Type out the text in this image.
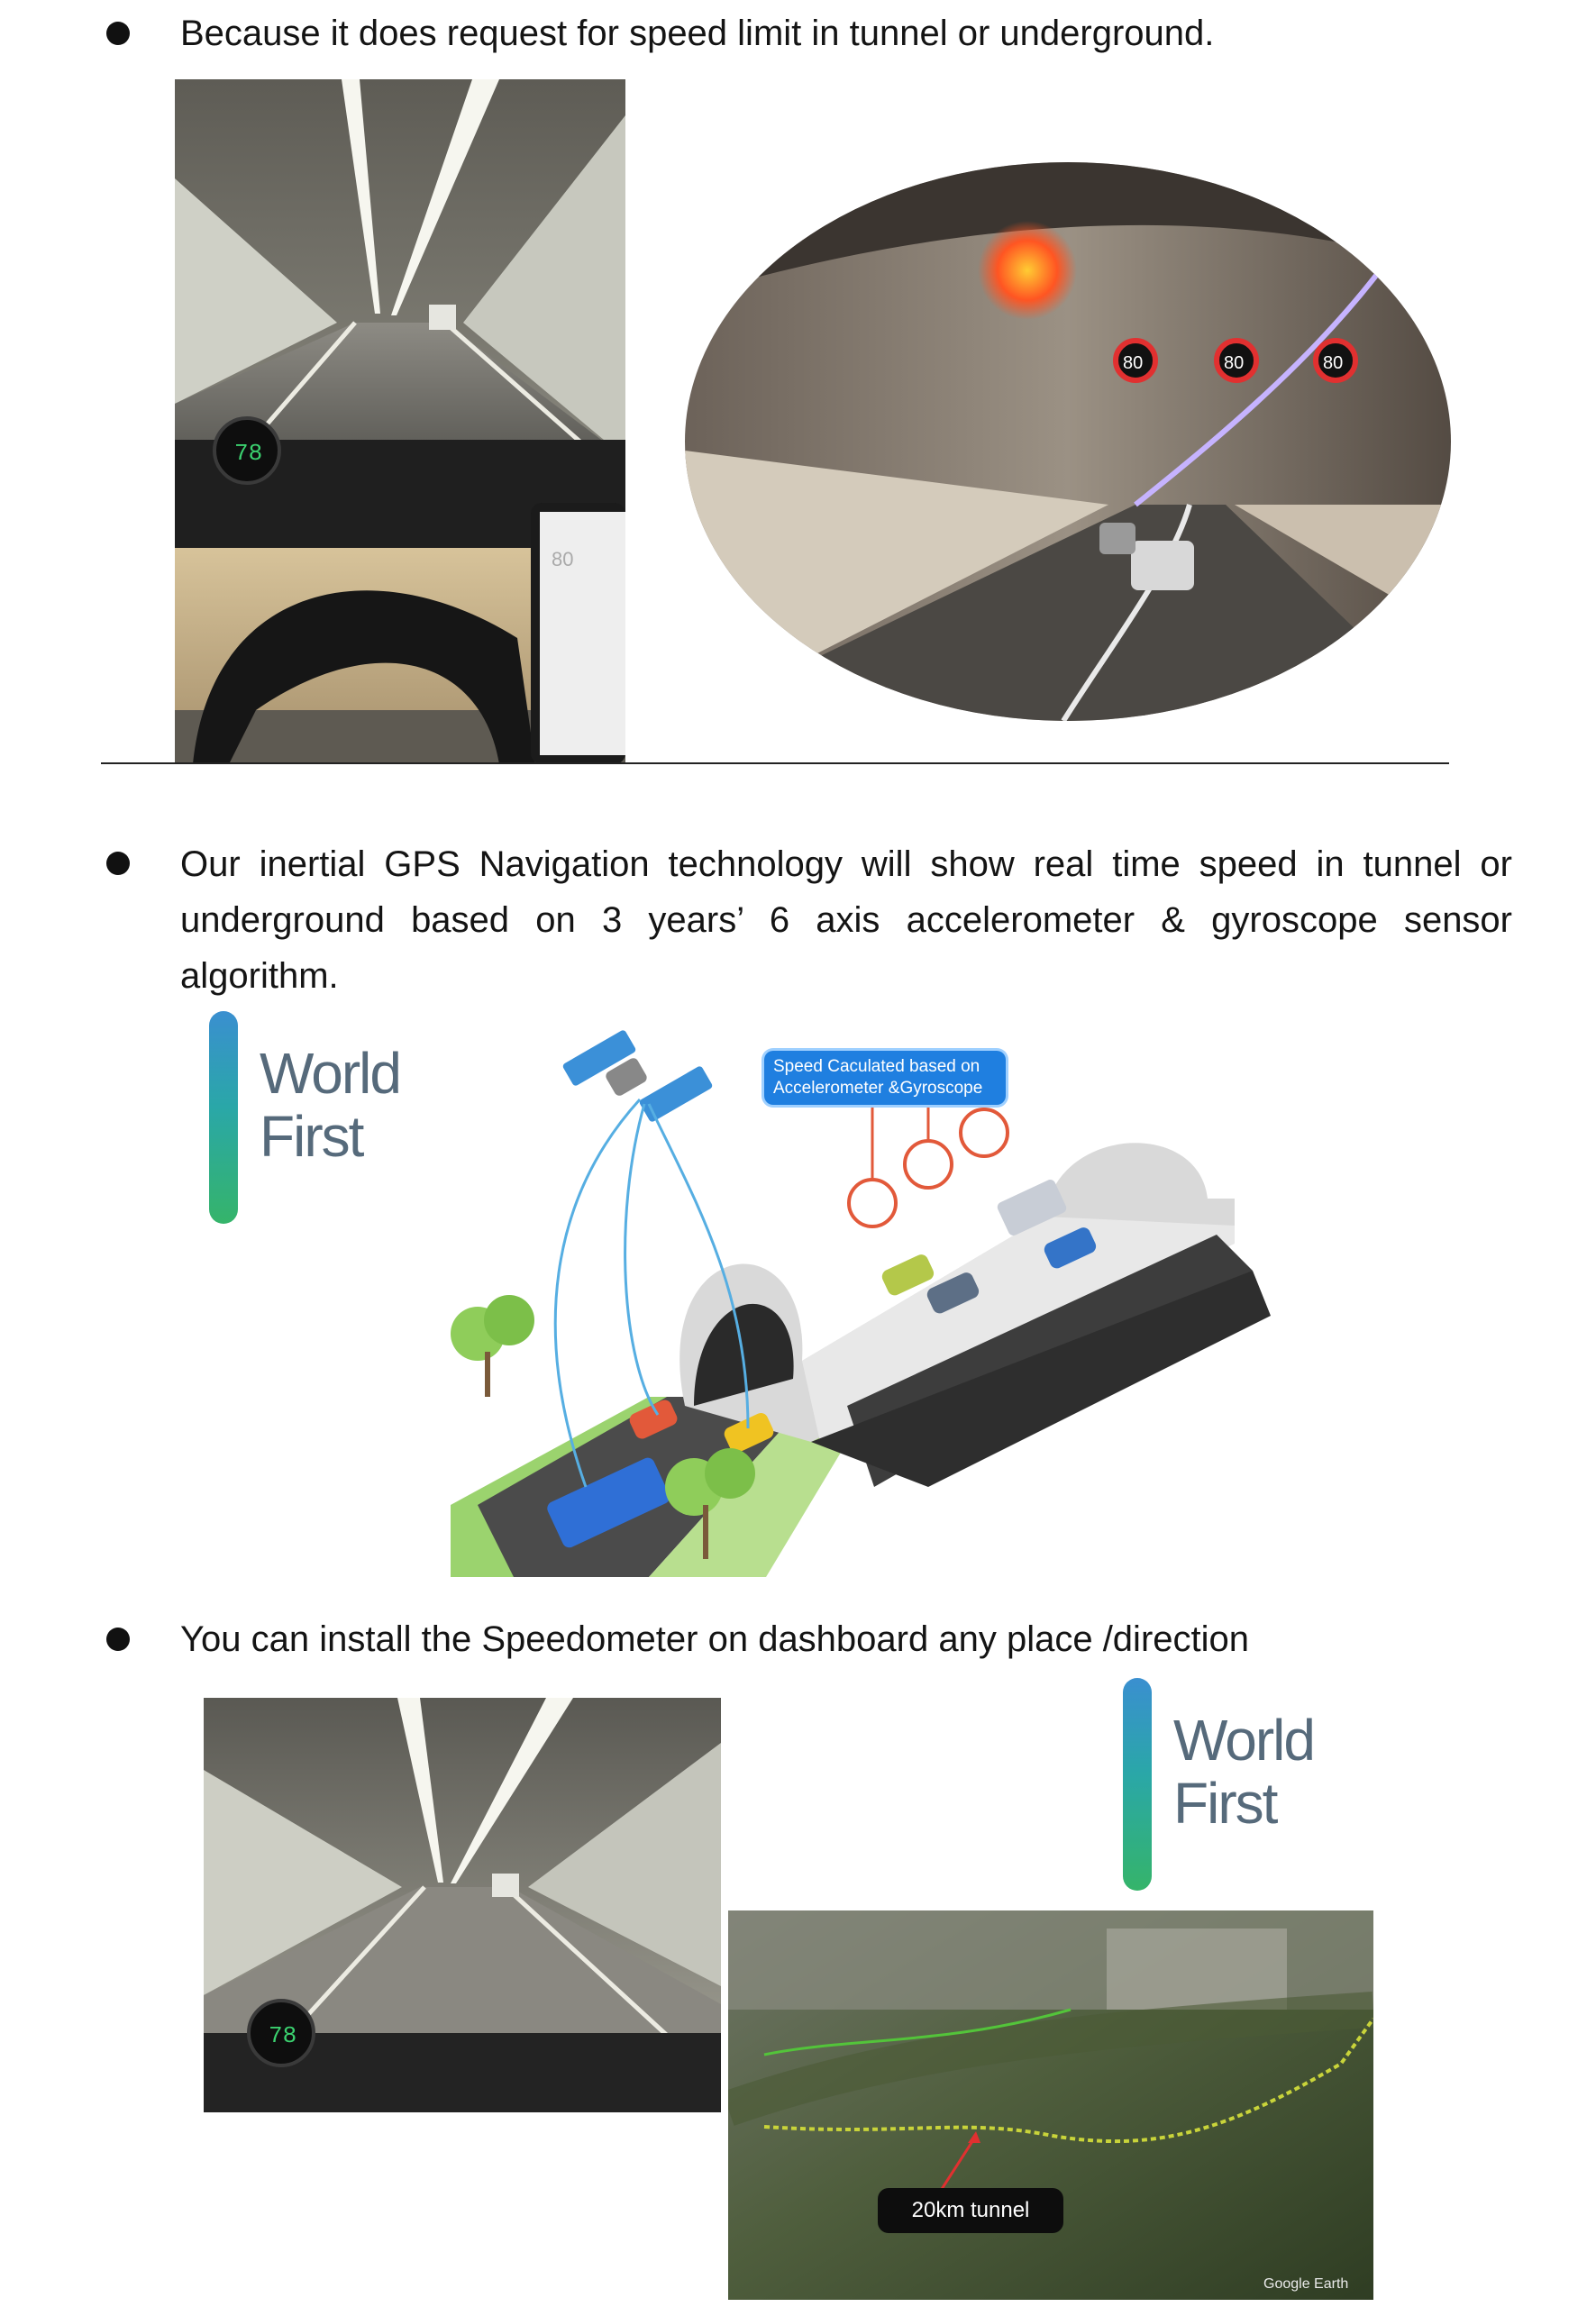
Because it does request for speed limit in tunnel or underground.
80
78
80	80	80
Our inertial GPS Navigation technology will show real time speed in tunnel or underground based on 3 years’ 6 axis accelerometer & gyroscope sensor algorithm.
World
First
Speed Caculated based on Accelerometer &Gyroscope
You can install the Speedometer on dashboard any place /direction
78
World
First
20km tunnel
Google Earth
